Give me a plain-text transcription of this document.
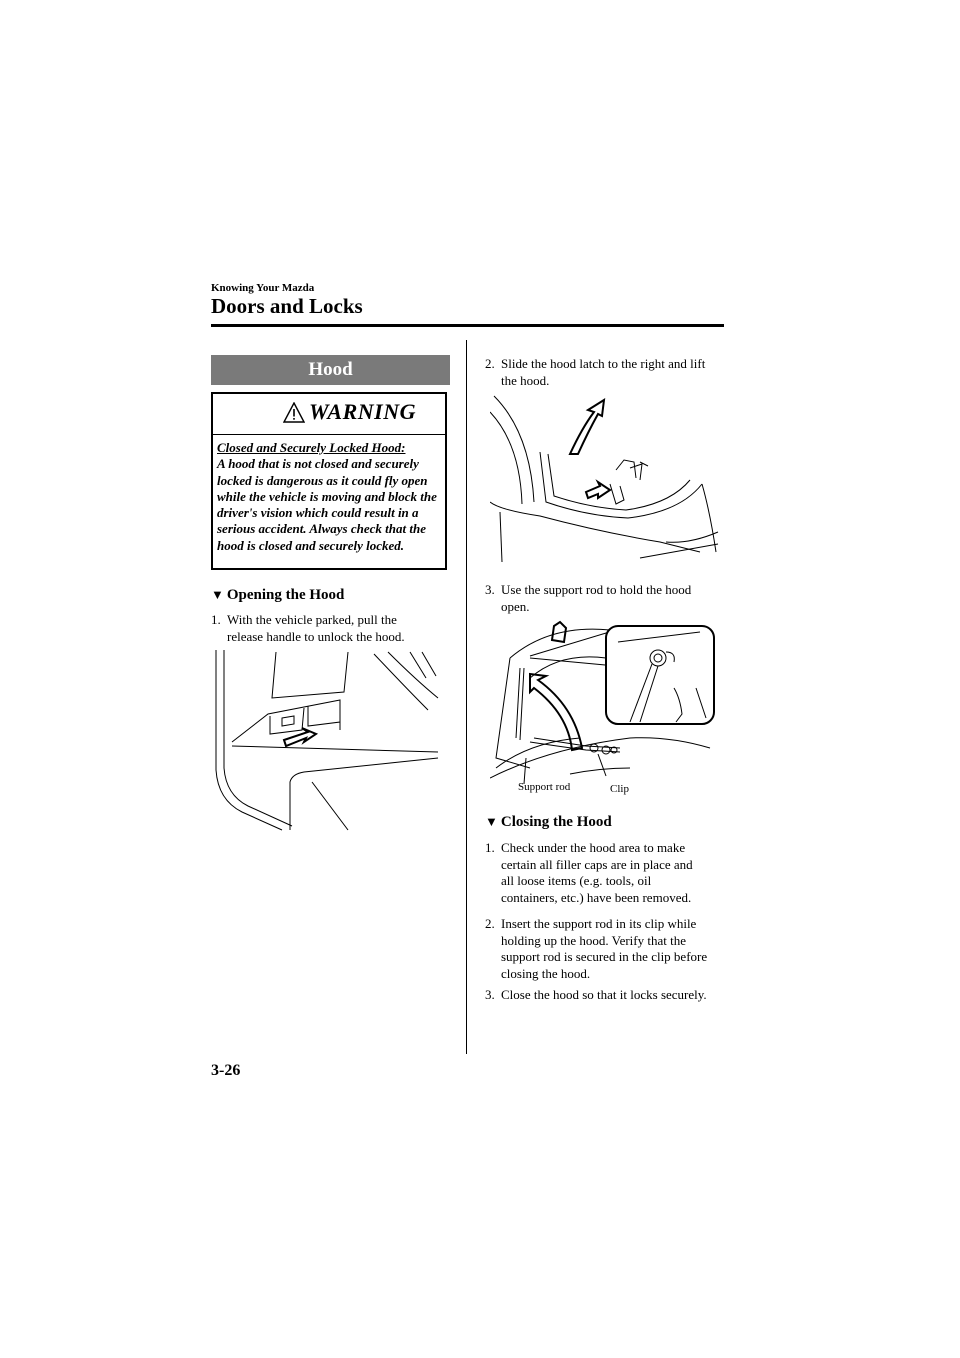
Knowing Your Mazda
Doors and Locks
Hood
WARNING
Closed and Securely Locked Hood:
A hood that is not closed and securely locked is dangerous as it could fly open while the vehicle is moving and block the driver's vision which could result in a serious accident. Always check that the hood is closed and securely locked.
▼ Opening the Hood
1. With the vehicle parked, pull the
release handle to unlock the hood.
2. Slide the hood latch to the right and lift
the hood.
3. Use the support rod to hold the hood
open.
Support rod	Clip
▼ Closing the Hood
1. Check under the hood area to make
certain all filler caps are in place and
all loose items (e.g. tools, oil
containers, etc.) have been removed.
2. Insert the support rod in its clip while
holding up the hood. Verify that the
support rod is secured in the clip before
closing the hood.
3. Close the hood so that it locks securely.
3-26
